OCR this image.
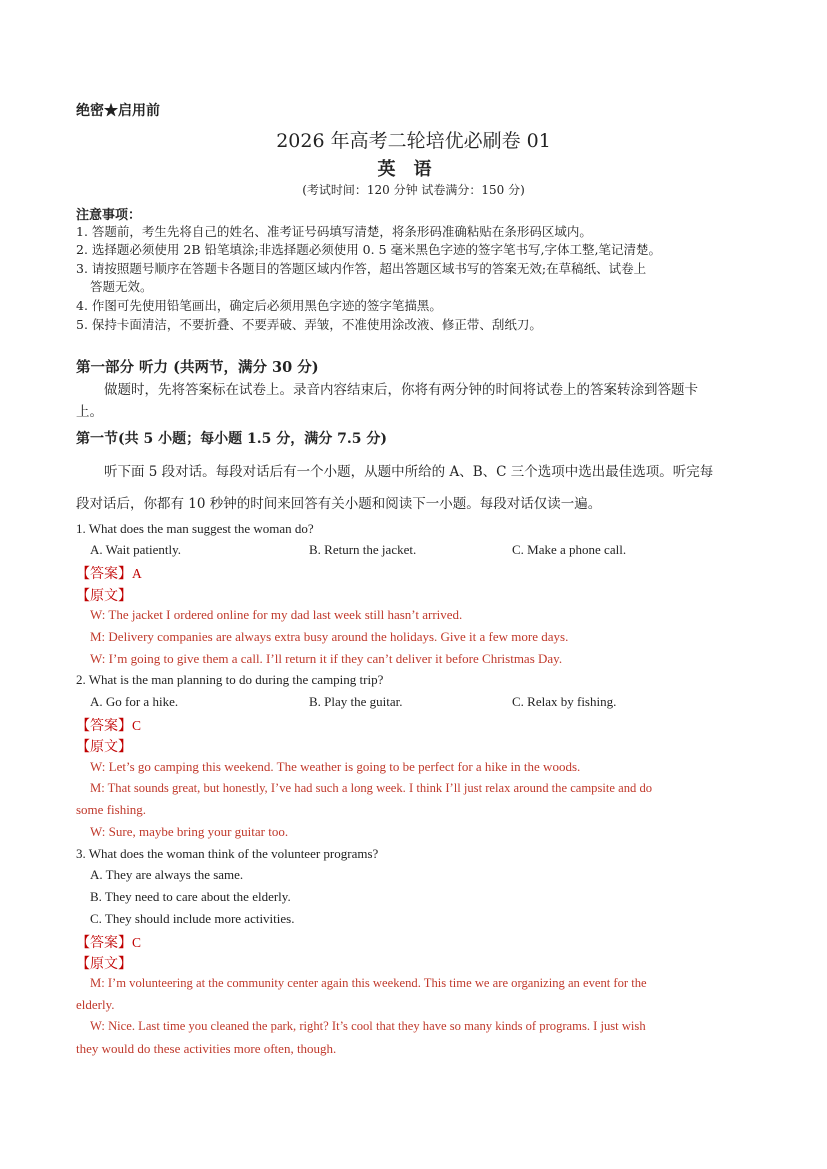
绝密★启用前
2026 年高考二轮培优必刷卷 01
英语
(考试时间：120 分钟 试卷满分：150 分)
注意事项：
1. 答题前，考生先将自己的姓名、准考证号码填写清楚，将条形码准确粘贴在条形码区域内。
2. 选择题必须使用 2B 铅笔填涂;非选择题必须使用 0. 5 毫米黑色字迹的签字笔书写,字体工整,笔记清楚。
3. 请按照题号顺序在答题卡各题目的答题区域内作答，超出答题区域书写的答案无效;在草稿纸、试卷上
答题无效。
4. 作图可先使用铅笔画出，确定后必须用黑色字迹的签字笔描黑。
5. 保持卡面清洁，不要折叠、不要弄破、弄皱，不准使用涂改液、修正带、刮纸刀。
第一部分 听力 (共两节，满分 30 分)
做题时，先将答案标在试卷上。录音内容结束后，你将有两分钟的时间将试卷上的答案转涂到答题卡
上。
第一节(共 5 小题；每小题 1.5 分，满分 7.5 分)
听下面 5 段对话。每段对话后有一个小题，从题中所给的 A、B、C 三个选项中选出最佳选项。听完每
段对话后，你都有 10 秒钟的时间来回答有关小题和阅读下一小题。每段对话仅读一遍。
1. What does the man suggest the woman do?
A. Wait patiently.	B. Return the jacket.	C. Make a phone call.
【答案】A
【原文】
W: The jacket I ordered online for my dad last week still hasn’t arrived.
M: Delivery companies are always extra busy around the holidays. Give it a few more days.
W: I’m going to give them a call. I’ll return it if they can’t deliver it before Christmas Day.
2. What is the man planning to do during the camping trip?
A. Go for a hike.	B. Play the guitar.	C. Relax by fishing.
【答案】C
【原文】
W: Let’s go camping this weekend. The weather is going to be perfect for a hike in the woods.
M: That sounds great, but honestly, I’ve had such a long week. I think I’ll just relax around the campsite and do
some fishing.
W: Sure, maybe bring your guitar too.
3. What does the woman think of the volunteer programs?
A. They are always the same.
B. They need to care about the elderly.
C. They should include more activities.
【答案】C
【原文】
M: I’m volunteering at the community center again this weekend. This time we are organizing an event for the
elderly.
W: Nice. Last time you cleaned the park, right? It’s cool that they have so many kinds of programs. I just wish
they would do these activities more often, though.
